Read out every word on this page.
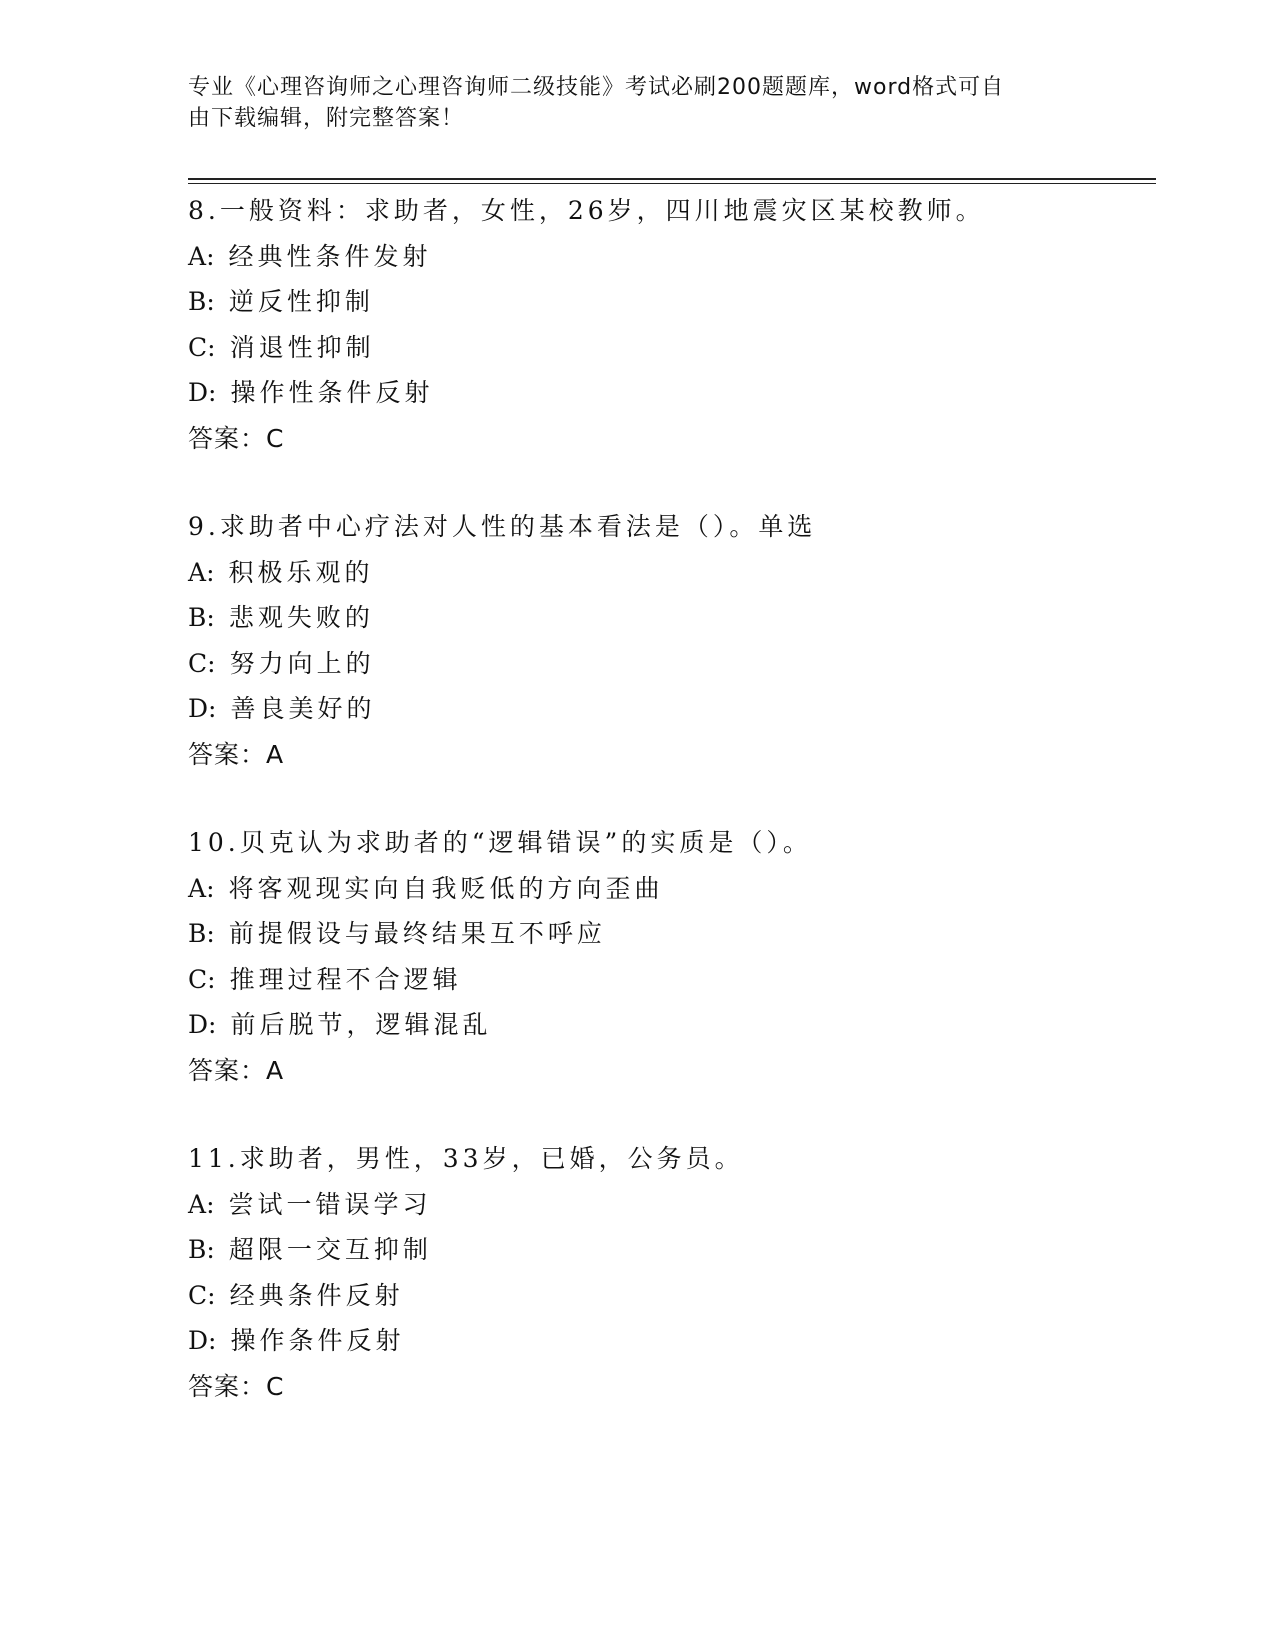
专业《心理咨询师之心理咨询师二级技能》考试必刷200题题库，word格式可自
由下载编辑，附完整答案！
8.一般资料：求助者，女性，26岁，四川地震灾区某校教师。
A: 经典性条件发射
B: 逆反性抑制
C: 消退性抑制
D: 操作性条件反射
答案：C
9.求助者中心疗法对人性的基本看法是（）。单选
A: 积极乐观的
B: 悲观失败的
C: 努力向上的
D: 善良美好的
答案：A
10.贝克认为求助者的“逻辑错误”的实质是（）。
A: 将客观现实向自我贬低的方向歪曲
B: 前提假设与最终结果互不呼应
C: 推理过程不合逻辑
D: 前后脱节，逻辑混乱
答案：A
11.求助者，男性，33岁，已婚，公务员。
A: 尝试一错误学习
B: 超限一交互抑制
C: 经典条件反射
D: 操作条件反射
答案：C
